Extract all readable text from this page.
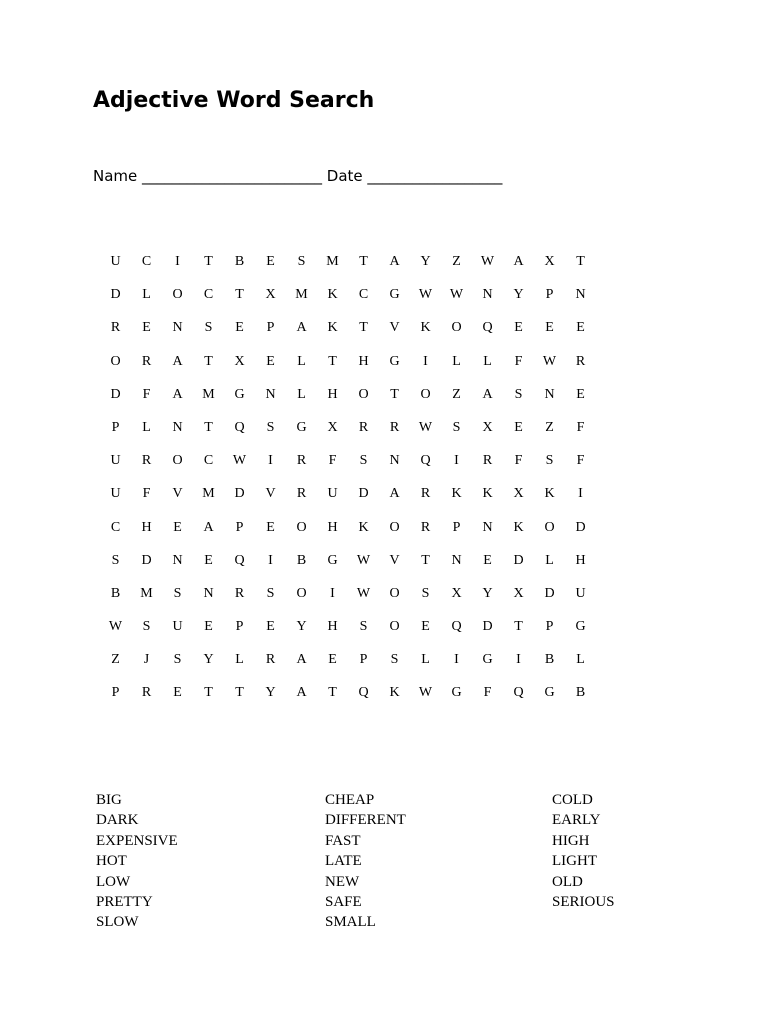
Adjective Word Search
Name ________________________ Date __________________
U	C	I	T	B	E	S	M	T	A	Y	Z	W	A	X	T
D	L	O	C	T	X	M	K	C	G	W	W	N	Y	P	N
R	E	N	S	E	P	A	K	T	V	K	O	Q	E	E	E
O	R	A	T	X	E	L	T	H	G	I	L	L	F	W	R
D	F	A	M	G	N	L	H	O	T	O	Z	A	S	N	E
P	L	N	T	Q	S	G	X	R	R	W	S	X	E	Z	F
U	R	O	C	W	I	R	F	S	N	Q	I	R	F	S	F
U	F	V	M	D	V	R	U	D	A	R	K	K	X	K	I
C	H	E	A	P	E	O	H	K	O	R	P	N	K	O	D
S	D	N	E	Q	I	B	G	W	V	T	N	E	D	L	H
B	M	S	N	R	S	O	I	W	O	S	X	Y	X	D	U
W	S	U	E	P	E	Y	H	S	O	E	Q	D	T	P	G
Z	J	S	Y	L	R	A	E	P	S	L	I	G	I	B	L
P	R	E	T	T	Y	A	T	Q	K	W	G	F	Q	G	B
BIG
DARK
EXPENSIVE
HOT
LOW
PRETTY
SLOW
CHEAP
DIFFERENT
FAST
LATE
NEW
SAFE
SMALL
COLD
EARLY
HIGH
LIGHT
OLD
SERIOUS
